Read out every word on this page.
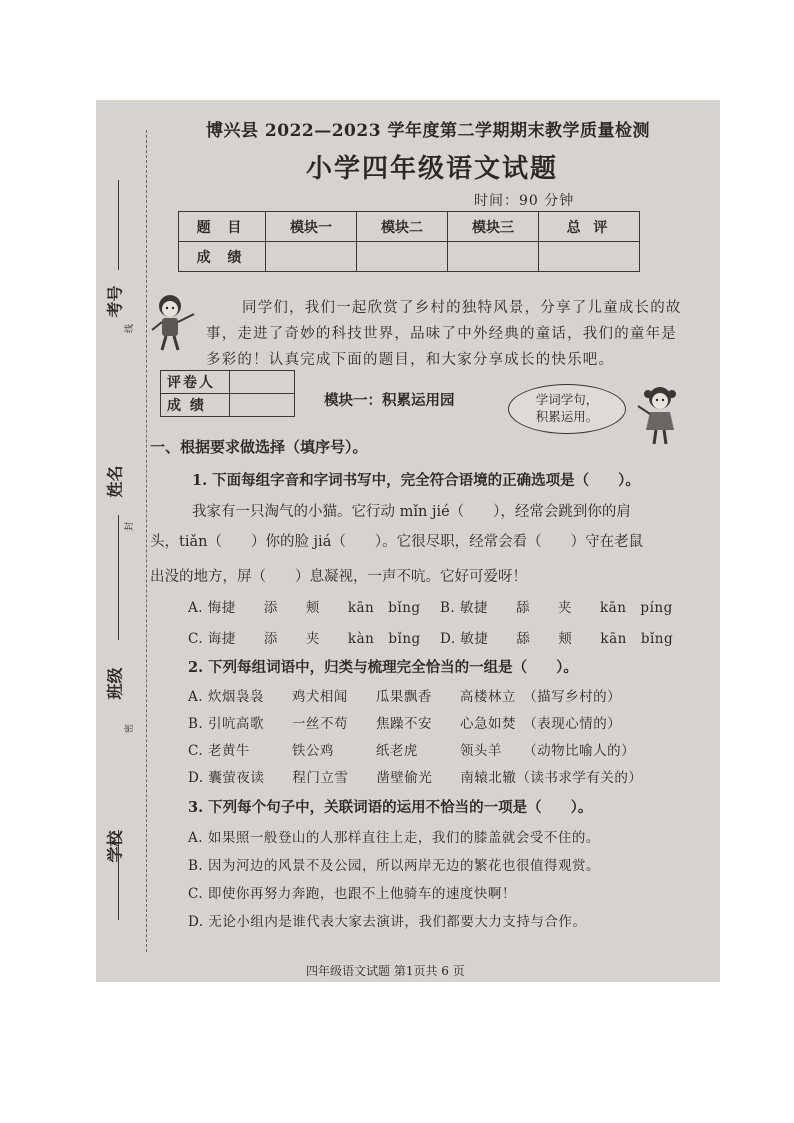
考号
姓名
班级
学校
线
封
密
博兴县 2022—2023 学年度第二学期期末教学质量检测
小学四年级语文试题
时间：90 分钟
题 目	模块一	模块二	模块三	总 评
成 绩				
同学们，我们一起欣赏了乡村的独特风景，分享了儿童成长的故
事，走进了奇妙的科技世界，品味了中外经典的童话，我们的童年是
多彩的！认真完成下面的题目，和大家分享成长的快乐吧。
评卷人	
成 绩		模块一：积累运用园	学词学句，
积累运用。
一、根据要求做选择（填序号）。
1. 下面每组字音和字词书写中，完全符合语境的正确选项是（　　）。
我家有一只淘气的小猫。它行动 mǐn jié（　　），经常会跳到你的肩
头，tiǎn（　　）你的脸 jiá（　　）。它很尽职，经常会看（　　）守在老鼠
出没的地方，屏（　　）息凝视，一声不吭。它好可爱呀！
A. 悔捷　　添　　颊　　kān　bǐng B. 敏捷　　舔　　夹　　kān　píng
C. 诲捷　　添　　夹　　kàn　bǐng D. 敏捷　　舔　　颊　　kān　bǐng
2. 下列每组词语中，归类与梳理完全恰当的一组是（　　）。
A. 炊烟袅袅　　鸡犬相闻　　瓜果飘香　　高楼林立　（描写乡村的）
B. 引吭高歌　　一丝不苟　　焦躁不安　　心急如焚　（表现心情的）
C. 老黄牛　　　铁公鸡　　　纸老虎　　　领头羊　　（动物比喻人的）
D. 囊萤夜读　　程门立雪　　凿壁偷光　　南辕北辙（读书求学有关的）
3. 下列每个句子中，关联词语的运用不恰当的一项是（　　）。
A. 如果照一般登山的人那样直往上走，我们的膝盖就会受不住的。
B. 因为河边的风景不及公园，所以两岸无边的繁花也很值得观赏。
C. 即使你再努力奔跑，也跟不上他骑车的速度快啊！
D. 无论小组内是谁代表大家去演讲，我们都要大力支持与合作。
四年级语文试题 第1页共 6 页
